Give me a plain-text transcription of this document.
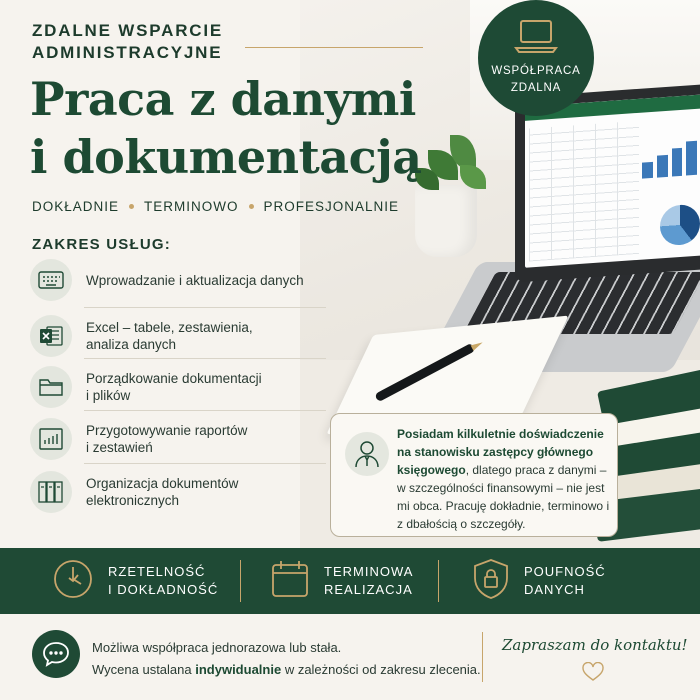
ZDALNE WSPARCIE
ADMINISTRACYJNE
Praca z danymi
i dokumentacją
DOKŁADNIE TERMINOWO PROFESJONALNIE
WSPÓŁPRACA
ZDALNA
ZAKRES USŁUG:
Wprowadzanie i aktualizacja danych
Excel – tabele, zestawienia,
analiza danych
Porządkowanie dokumentacji
i plików
Przygotowywanie raportów
i zestawień
Organizacja dokumentów
elektronicznych
Posiadam kilkuletnie doświadczenie na stanowisku zastępcy głównego księgowego, dlatego praca z danymi – w szczególności finansowymi – nie jest mi obca. Pracuję dokładnie, terminowo i z dbałością o szczegóły.
RZETELNOŚĆ
I DOKŁADNOŚĆ
TERMINOWA
REALIZACJA
POUFNOŚĆ
DANYCH
Możliwa współpraca jednorazowa lub stała.
Wycena ustalana indywidualnie w zależności od zakresu zlecenia.
Zapraszam do kontaktu!
